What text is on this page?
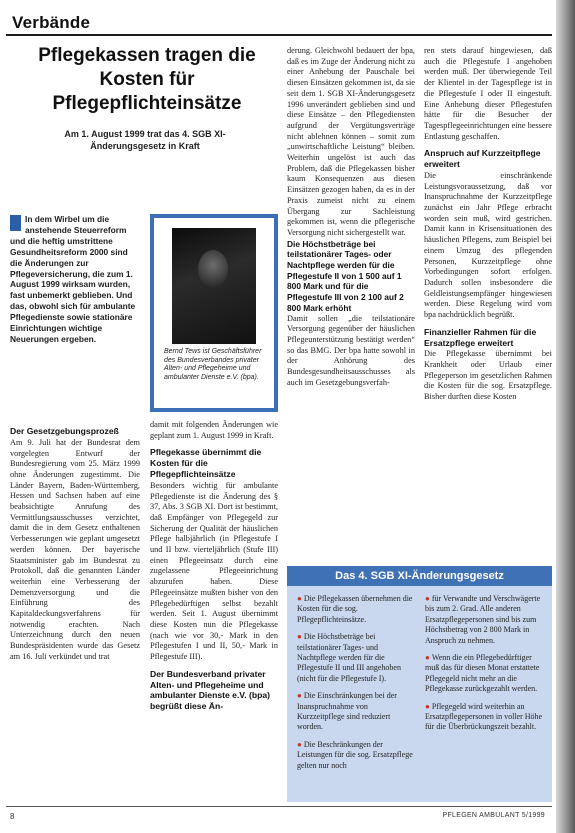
Verbände
Pflegekassen tragen die Kosten für Pflegepflichteinsätze
Am 1. August 1999 trat das 4. SGB XI-Änderungsgesetz in Kraft

In dem Wirbel um die anstehende Steuerreform und die heftig umstrittene Gesundheitsreform 2000 sind die Änderungen zur Pflegeversicherung, die zum 1. August 1999 wirksam wurden, fast unbemerkt geblieben. Und das, obwohl sich für ambulante Pflegedienste sowie stationäre Einrichtungen wichtige Neuerungen ergeben.

Bernd Tews ist Geschäftsführer des Bundesverbandes privater Alten- und Pflegeheime und ambulanter Dienste e.V. (bpa).
Der Gesetzgebungsprozeß

Am 9. Juli hat der Bundesrat dem vorgelegten Entwurf der Bundesregierung vom 25. März 1999 ohne Änderungen zugestimmt. Die Länder Bayern, Baden-Württemberg, Hessen und Sachsen haben auf eine beabsichtigte Anrufung des Vermittlungsausschusses verzichtet, damit die in dem Gesetz enthaltenen Verbesserungen wie geplant umgesetzt werden können. Der bayerische Staatsminister gab im Bundesrat zu Protokoll, daß die genannten Länder weiterhin eine Verbesserung der Demenzversorgung und die Einführung des Kapitaldeckungsverfahrens für notwendig erachten. Nach Unterzeichnung durch den neuen Bundespräsidenten wurde das Gesetz am 16. Juli verkündet und trat

damit mit folgenden Änderungen wie geplant zum 1. August 1999 in Kraft.

Pflegekasse übernimmt die Kosten für die Pflegepflichteinsätze

Besonders wichtig für ambulante Pflegedienste ist die Änderung des § 37, Abs. 3 SGB XI. Dort ist bestimmt, daß Empfänger von Pflegegeld zur Sicherung der Qualität der häuslichen Pflege halbjährlich (in Pflegestufe I und II bzw. vierteljährlich (Stufe III) einen Pflegeeinsatz durch eine zugelassene Pflegeeinrichtung abzurufen haben. Diese Pflegeeinsätze mußten bisher von den Pflegebedürftigen selbst bezahlt werden. Seit 1. August übernimmt diese Kosten nun die Pflegekasse (nach wie vor 30,- Mark in den Pflegestufen I und II, 50,- Mark in Pflegestufe III).

Der Bundesverband privater Alten- und Pflegeheime und ambulanter Dienste e.V. (bpa) begrüßt diese Än-

derung. Gleichwohl bedauert der bpa, daß es im Zuge der Änderung nicht zu einer Anhebung der Pauschale bei diesen Einsätzen gekommen ist, da sie seit dem 1. SGB XI-Änderungsgesetz 1996 unverändert geblieben sind und diese Einsätze – den Pflegediensten aufgrund der Vergütungsverträge nicht ablehnen können – somit zum „unwirtschaftliche Leistung“ bleiben. Weiterhin ungelöst ist auch das Problem, daß die Pflegekassen bisher kaum Konsequenzen aus diesen Einsätzen gezogen haben, da es in der Praxis zumeist nicht zu einem Übergang zur Sachleistung gekommen ist, wenn die pflegerische Versorgung nicht sichergestellt war.

Die Höchstbeträge bei teilstationärer Tages- oder Nachtpflege werden für die Pflegestufe II von 1 500 auf 1 800 Mark und für die Pflegestufe III von 2 100 auf 2 800 Mark erhöht

Damit sollen „die teilstationäre Versorgung gegenüber der häuslichen Pflegeunterstützung bestätigt werden“ so das BMG. Der bpa hatte sowohl in der Anhörung des Bundesgesundheitsausschusses als auch im Gesetzgebungsverfah-

ren stets darauf hingewiesen, daß auch die Pflegestufe I angehoben werden muß. Der überwiegende Teil der Klientel in der Tagespflege ist in die Pflegestufe I oder II eingestuft. Eine Anhebung dieser Pflegestufen hätte für die Besucher der Tagespflegeeinrichtungen eine bessere Entlastung geschaffen.

Anspruch auf Kurzzeitpflege erweitert

Die einschränkende Leistungsvoraussetzung, daß vor Inanspruchnahme der Kurzzeitpflege zunächst ein Jahr Pflege erbracht worden sein muß, wird gestrichen. Damit kann in Krisensituationen des häuslichen Pflegens, zum Beispiel bei einem Umzug des pflegenden Personen, Kurzzeitpflege ohne Vorbedingungen sofort erfolgen. Dadurch sollen insbesondere die Geldleistungsempfänger hingewiesen werden. Diese Regelung wird vom bpa nachdrücklich begrüßt.

Finanzieller Rahmen für die Ersatzpflege erweitert

Die Pflegekasse übernimmt bei Krankheit oder Urlaub einer Pflegeperson im gesetzlichen Rahmen die Kosten für die sog. Ersatzpflege. Bisher durften diese Kosten

Das 4. SGB XI-Änderungsgesetz
● Die Pflegekassen übernehmen die Kosten für die sog. Pflegepflichteinsätze.
● Die Höchstbeträge bei teilstationärer Tages- und Nachtpflege werden für die Pflegestufe II und III angehoben (nicht für die Pflegestufe I).
● Die Einschränkungen bei der Inanspruchnahme von Kurzzeitpflege sind reduziert worden.
● Die Beschränkungen der Leistungen für die sog. Ersatzpflege gelten nur noch
● für Verwandte und Verschwägerte bis zum 2. Grad. Alle anderen Ersatzpflegepersonen sind bis zum Höchstbetrag von 2 800 Mark in Anspruch zu nehmen.
● Wenn die ein Pflegebedürftiger muß das für diesen Monat erstattete Pflegegeld nicht mehr an die Pflegekasse zurückgezahlt werden.
● Pflegegeld wird weiterhin an Ersatzpflegepersonen in voller Höhe für die Überbrückungszeit bezahlt.
8	PFLEGEN AMBULANT 5/1999
